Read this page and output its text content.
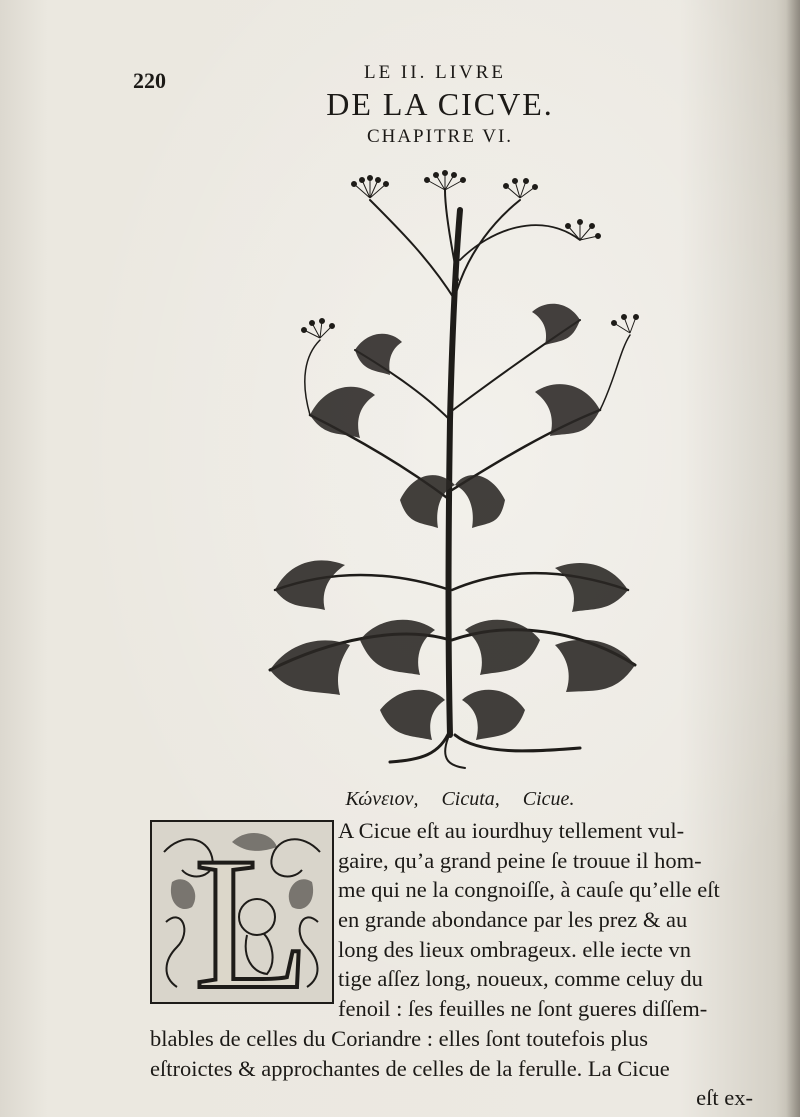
220	LE II. LIVRE
DE LA CICVE.
CHAPITRE VI.
Κώνειον, Cicuta, Cicue.
L	A Cicue eſt au iourdhuy tellement vul-
gaire, qu’a grand peine ſe trouue il hom-
me qui ne la congnoiſſe, à cauſe qu’elle eſt
en grande abondance par les prez & au
long des lieux ombrageux. elle iecte vn
tige aſſez long, noueux, comme celuy du
fenoil : ſes feuilles ne ſont gueres diſſem-
blables de celles du Coriandre : elles ſont toutefois plus
eſtroictes & approchantes de celles de la ferulle. La Cicue
eſt ex-
